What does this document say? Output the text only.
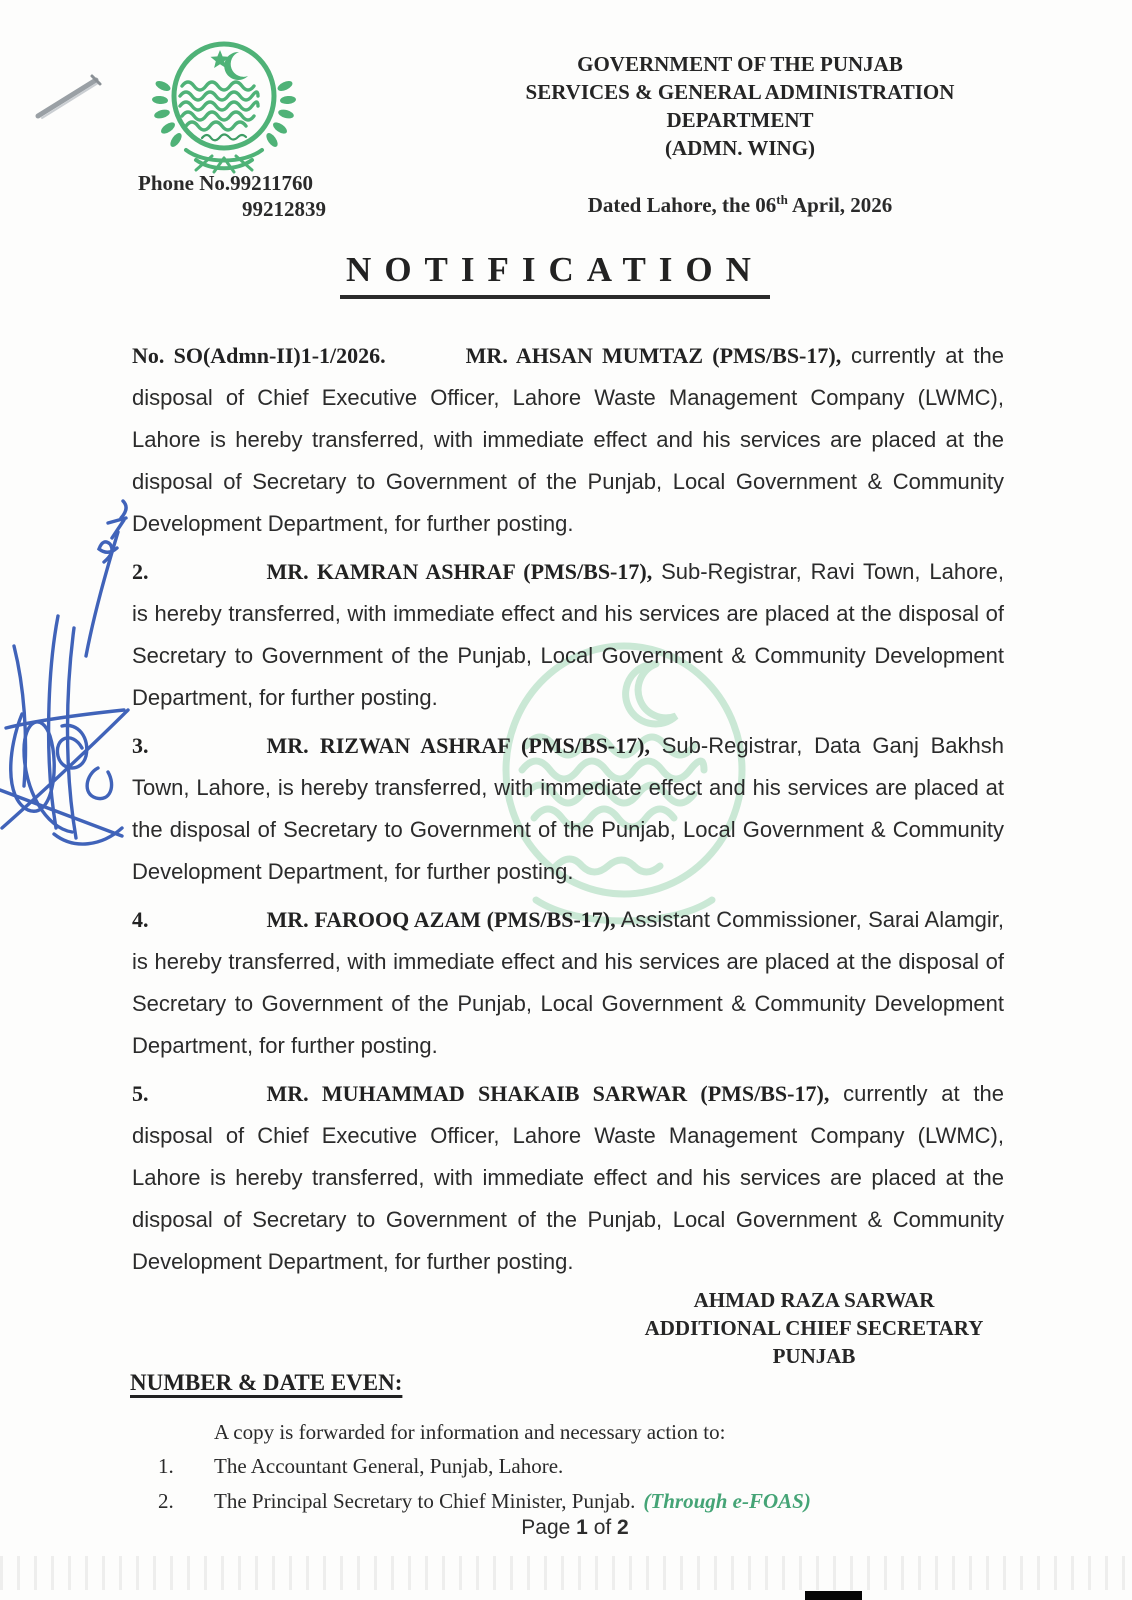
Phone No.99211760
99212839
GOVERNMENT OF THE PUNJAB
SERVICES & GENERAL ADMINISTRATION
DEPARTMENT
(ADMN. WING)
Dated Lahore, the 06th April, 2026
NOTIFICATION

No. SO(Admn-II)1-1/2026.	MR. AHSAN MUMTAZ (PMS/BS-17), currently at the disposal of Chief Executive Officer, Lahore Waste Management Company (LWMC), Lahore is hereby transferred, with immediate effect and his services are placed at the disposal of Secretary to Government of the Punjab, Local Government & Community Development Department, for further posting.

2.	MR. KAMRAN ASHRAF (PMS/BS-17), Sub-Registrar, Ravi Town, Lahore, is hereby transferred, with immediate effect and his services are placed at the disposal of Secretary to Government of the Punjab, Local Government & Community Development Department, for further posting.

3.	MR. RIZWAN ASHRAF (PMS/BS-17), Sub-Registrar, Data Ganj Bakhsh Town, Lahore, is hereby transferred, with immediate effect and his services are placed at the disposal of Secretary to Government of the Punjab, Local Government & Community Development Department, for further posting.

4.	MR. FAROOQ AZAM (PMS/BS-17), Assistant Commissioner, Sarai Alamgir, is hereby transferred, with immediate effect and his services are placed at the disposal of Secretary to Government of the Punjab, Local Government & Community Development Department, for further posting.

5.	MR. MUHAMMAD SHAKAIB SARWAR (PMS/BS-17), currently at the disposal of Chief Executive Officer, Lahore Waste Management Company (LWMC), Lahore is hereby transferred, with immediate effect and his services are placed at the disposal of Secretary to Government of the Punjab, Local Government & Community Development Department, for further posting.

AHMAD RAZA SARWAR
ADDITIONAL CHIEF SECRETARY
PUNJAB
NUMBER & DATE EVEN:
A copy is forwarded for information and necessary action to:
1.	The Accountant General, Punjab, Lahore.
2.	The Principal Secretary to Chief Minister, Punjab. (Through e-FOAS)
Page 1 of 2
